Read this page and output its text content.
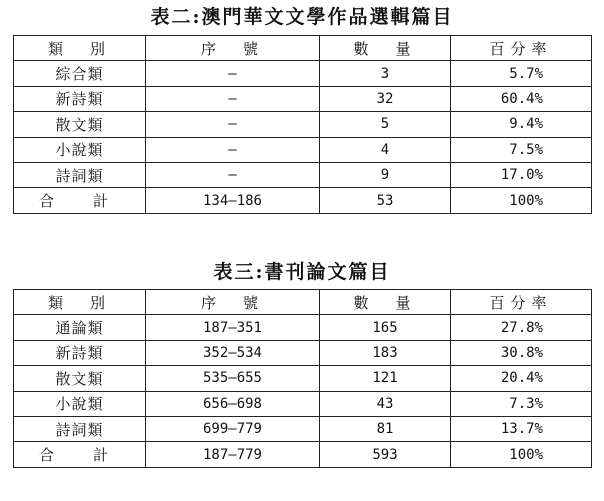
表二:澳門華文文學作品選輯篇目
類　別	序　號	數　量	百分率
綜合類	—	3	5.7%
新詩類	—	32	60.4%
散文類	—	5	9.4%
小說類	—	4	7.5%
詩詞類	—	9	17.0%
合　計	134—186	53	100%
表三:書刊論文篇目
類　別	序　號	數　量	百分率
通論類	187—351	165	27.8%
新詩類	352—534	183	30.8%
散文類	535—655	121	20.4%
小說類	656—698	43	7.3%
詩詞類	699—779	81	13.7%
合　計	187—779	593	100%
